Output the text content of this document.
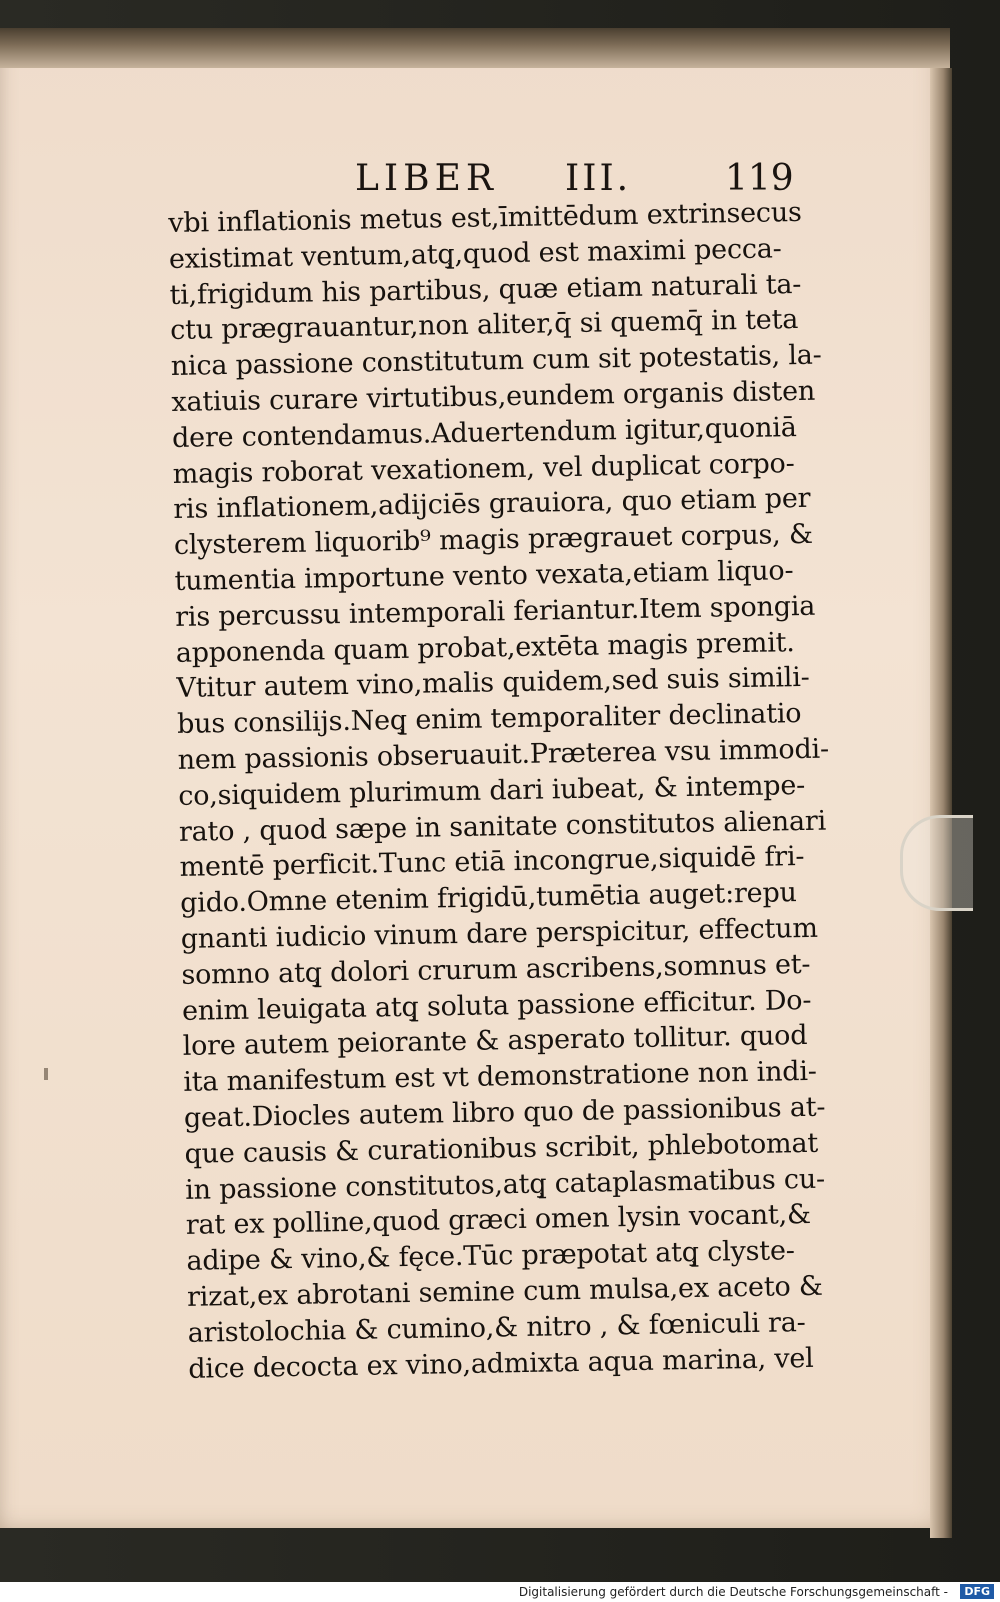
LIBER III.	119
vbi inflationis metus est,īmittēdum extrinsecus
existimat ventum,atq̧,quod est maximi pecca-
ti,frigidum his partibus, quæ etiam naturali ta-
ctu prægrauantur,non aliter,q̄ si quemq̄ in teta
nica passione constitutum cum sit potestatis, la-
xatiuis curare virtutibus,eundem organis disten
dere contendamus.Aduertendum igitur,quoniā
magis roborat vexationem, vel duplicat corpo-
ris inflationem,adijciēs grauiora, quo etiam per
clysterem liquorib⁹ magis prægrauet corpus, &
tumentia importune vento vexata,etiam liquo-
ris percussu intemporali feriantur.Item spongia
apponenda quam probat,extēta magis premit.
Vtitur autem vino,malis quidem,sed suis simili-
bus consilijs.Neq̧ enim temporaliter declinatio
nem passionis obseruauit.Præterea vsu immodi-
co,siquidem plurimum dari iubeat, & intempe-
rato , quod sæpe in sanitate constitutos alienari
mentē perficit.Tunc etiā incongrue,siquidē fri-
gido.Omne etenim frigidū,tumētia auget:repu
gnanti iudicio vinum dare perspicitur, effectum
somno atq̧ dolori crurum ascribens,somnus et-
enim leuigata atq̧ soluta passione efficitur. Do-
lore autem peiorante & asperato tollitur. quod
ita manifestum est vt demonstratione non indi-
geat.Diocles autem libro quo de passionibus at-
que causis & curationibus scribit, phlebotomat
in passione constitutos,atq̧ cataplasmatibus cu-
rat ex polline,quod græci omen lysin vocant,&
adipe & vino,& fęce.Tūc præpotat atq̧ clyste-
rizat,ex abrotani semine cum mulsa,ex aceto &
aristolochia & cumino,& nitro , & fœniculi ra-
dice decocta ex vino,admixta aqua marina, vel
Digitalisierung gefördert durch die Deutsche Forschungsgemeinschaft -	DFG
